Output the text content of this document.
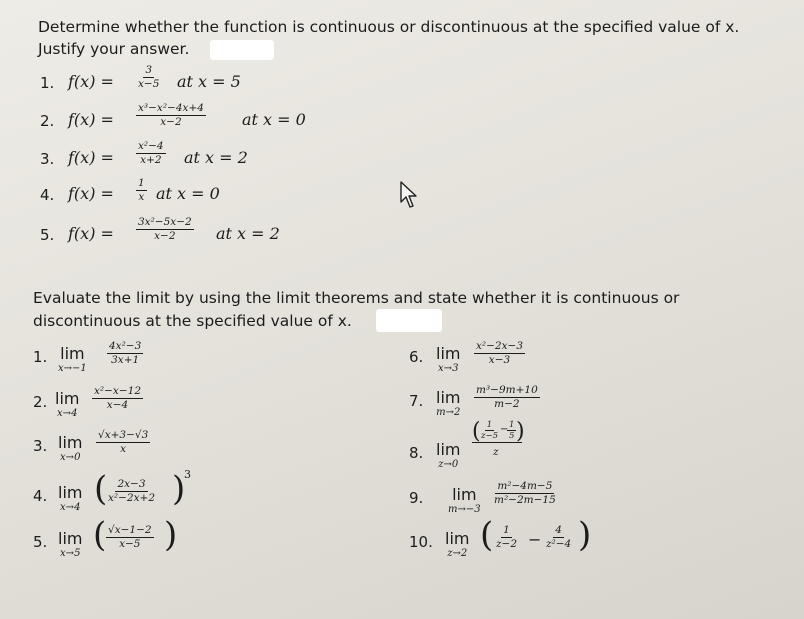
Determine whether the function is continuous or discontinuous at the specified value of x.
Justify your answer.
1. $f(x) = \frac{3}{x-5}$ at x = 5
2. $f(x) = \frac{\text{x³−x²−4x+4}}{x-2}$ at x = 0
3. $f(x) = \frac{\text{x²−4}}{x+2}$ at x = 2
4. $f(x) = \frac{1}{x}$ at x = 0
5. $f(x) = \frac{\text{3x²−5x−2}}{x-2}$ at x = 2
Evaluate the limit by using the limit theorems and state whether it is continuous or
discontinuous at the specified value of x.
1. lim
x→−1
$\frac{\text{4x²−3}}{3x+1}$
2. lim
x→4
$\frac{\text{x²−x−12}}{x-4}$
3. lim
x→0
$\frac{√x+3-√3}{x}$
4. lim
x→4 (
$\frac{2x-3}{\text{x²−2x+2}}$ )
3
5. lim
x→5 ( $\frac{√x-1-2}{x-5}$ )
6. lim
x→3
$\frac{\text{x²−2x−3}}{x-3}$
7. lim
m→2
$\frac{\text{m³−9m+10}}{m-2}$
8. lim
z→0
(
$\frac{1}{z-5}$ −
$\frac{1}{5}$ )
z
9. lim
m→−3
$\frac{\text{m²−4m−5}}{\text{m²−2m−15}}$
10. lim
z→2 ( $\frac{1}{z-2} - \frac{4}{\text{z²−4}}$ )
